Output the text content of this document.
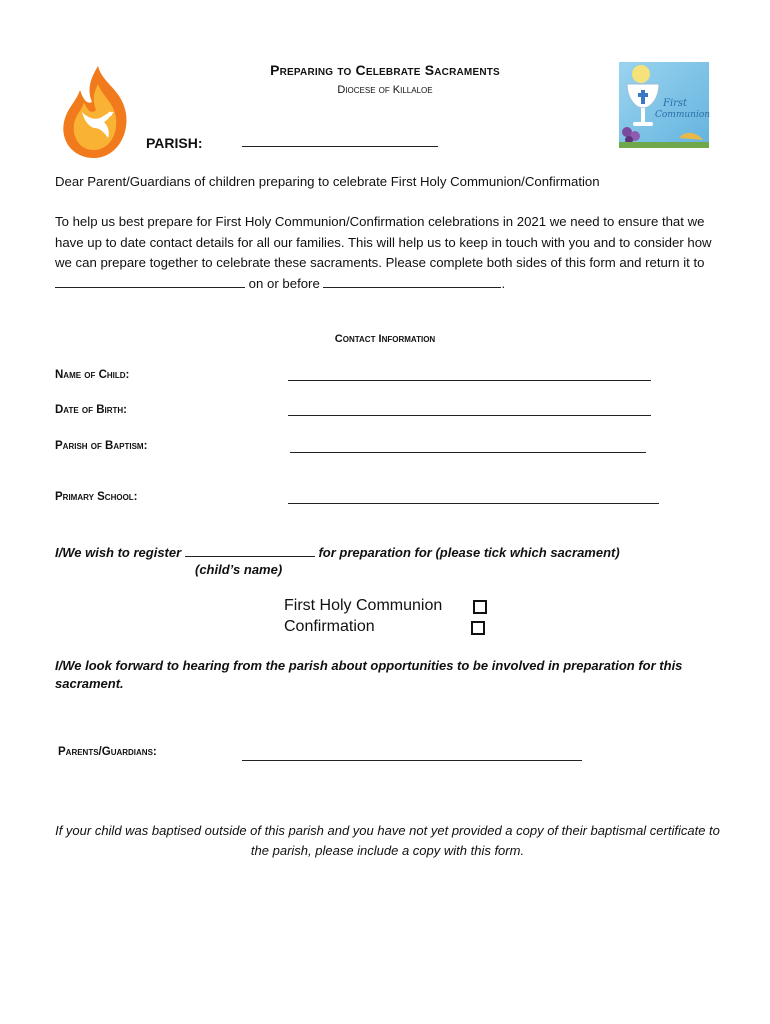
First
Communion
Preparing to Celebrate Sacraments
Diocese of Killaloe
PARISH:
Dear Parent/Guardians of children preparing to celebrate First Holy Communion/Confirmation
To help us best prepare for First Holy Communion/Confirmation celebrations in 2021 we need to ensure that we have up to date contact details for all our families. This will help us to keep in touch with you and to consider how we can prepare together to celebrate these sacraments. Please complete both sides of this form and return it to  on or before	.
Contact Information
Name of Child:
Date of Birth:
Parish of Baptism:
Primary School:
I/We wish to register	for preparation for (please tick which sacrament)
(child’s name)
First Holy Communion
Confirmation
I/We look forward to hearing from the parish about opportunities to be involved in preparation for this sacrament.
Parents/Guardians:
If your child was baptised outside of this parish and you have not yet provided a copy of their baptismal certificate to the parish, please include a copy with this form.
